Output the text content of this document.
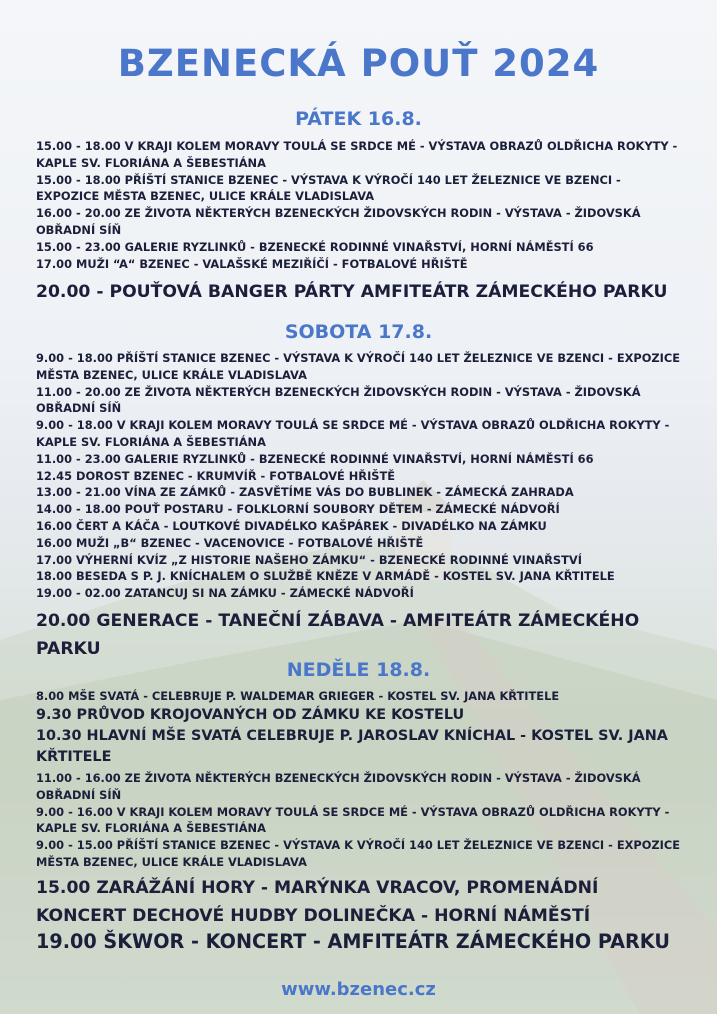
BZENECKÁ POUŤ 2024
PÁTEK 16.8.
15.00 - 18.00 V KRAJI KOLEM MORAVY TOULÁ SE SRDCE MÉ - VÝSTAVA OBRAZŮ OLDŘICHA ROKYTY - KAPLE SV. FLORIÁNA A ŠEBESTIÁNA
15.00 - 18.00 PŘÍŠTÍ STANICE BZENEC - VÝSTAVA K VÝROČÍ 140 LET ŽELEZNICE VE BZENCI - EXPOZICE MĚSTA BZENEC, ULICE KRÁLE VLADISLAVA
16.00 - 20.00 ZE ŽIVOTA NĚKTERÝCH BZENECKÝCH ŽIDOVSKÝCH RODIN - VÝSTAVA - ŽIDOVSKÁ OBŘADNÍ SÍŇ
15.00 - 23.00 GALERIE RYZLINKŮ - BZENECKÉ RODINNÉ VINAŘSTVÍ, HORNÍ NÁMĚSTÍ 66
17.00 MUŽI “A“ BZENEC - VALAŠSKÉ MEZIŘÍČÍ - FOTBALOVÉ HŘIŠTĚ
20.00 - POUŤOVÁ BANGER PÁRTY AMFITEÁTR ZÁMECKÉHO PARKU
SOBOTA 17.8.
9.00 - 18.00 PŘÍŠTÍ STANICE BZENEC - VÝSTAVA K VÝROČÍ 140 LET ŽELEZNICE VE BZENCI - EXPOZICE MĚSTA BZENEC, ULICE KRÁLE VLADISLAVA
11.00 - 20.00 ZE ŽIVOTA NĚKTERÝCH BZENECKÝCH ŽIDOVSKÝCH RODIN - VÝSTAVA - ŽIDOVSKÁ OBŘADNÍ SÍŇ
9.00 - 18.00 V KRAJI KOLEM MORAVY TOULÁ SE SRDCE MÉ - VÝSTAVA OBRAZŮ OLDŘICHA ROKYTY - KAPLE SV. FLORIÁNA A ŠEBESTIÁNA
11.00 - 23.00 GALERIE RYZLINKŮ - BZENECKÉ RODINNÉ VINAŘSTVÍ, HORNÍ NÁMĚSTÍ 66
12.45 DOROST BZENEC - KRUMVÍŘ - FOTBALOVÉ HŘIŠTĚ
13.00 - 21.00 VÍNA ZE ZÁMKŮ - ZASVĚTÍME VÁS DO BUBLINEK - ZÁMECKÁ ZAHRADA
14.00 - 18.00 POUŤ POSTARU - FOLKLORNÍ SOUBORY DĚTEM - ZÁMECKÉ NÁDVOŘÍ
16.00 ČERT A KÁČA - LOUTKOVÉ DIVADÉLKO KAŠPÁREK - DIVADÉLKO NA ZÁMKU
16.00 MUŽI „B“ BZENEC - VACENOVICE - FOTBALOVÉ HŘIŠTĚ
17.00 VÝHERNÍ KVÍZ „Z HISTORIE NAŠEHO ZÁMKU“ - BZENECKÉ RODINNÉ VINAŘSTVÍ
18.00 BESEDA S P. J. KNÍCHALEM O SLUŽBĚ KNĚZE V ARMÁDĚ - KOSTEL SV. JANA KŘTITELE
19.00 - 02.00 ZATANCUJ SI NA ZÁMKU - ZÁMECKÉ NÁDVOŘÍ
20.00 GENERACE - TANEČNÍ ZÁBAVA - AMFITEÁTR ZÁMECKÉHO PARKU
NEDĚLE 18.8.
8.00 MŠE SVATÁ - CELEBRUJE P. WALDEMAR GRIEGER - KOSTEL SV. JANA KŘTITELE
9.30 PRŮVOD KROJOVANÝCH OD ZÁMKU KE KOSTELU
10.30 HLAVNÍ MŠE SVATÁ CELEBRUJE P. JAROSLAV KNÍCHAL - KOSTEL SV. JANA KŘTITELE
11.00 - 16.00 ZE ŽIVOTA NĚKTERÝCH BZENECKÝCH ŽIDOVSKÝCH RODIN - VÝSTAVA - ŽIDOVSKÁ OBŘADNÍ SÍŇ
9.00 - 16.00 V KRAJI KOLEM MORAVY TOULÁ SE SRDCE MÉ - VÝSTAVA OBRAZŮ OLDŘICHA ROKYTY - KAPLE SV. FLORIÁNA A ŠEBESTIÁNA
9.00 - 15.00 PŘÍŠTÍ STANICE BZENEC - VÝSTAVA K VÝROČÍ 140 LET ŽELEZNICE VE BZENCI - EXPOZICE MĚSTA BZENEC, ULICE KRÁLE VLADISLAVA
15.00 ZARÁŽÁNÍ HORY - MARÝNKA VRACOV, PROMENÁDNÍ KONCERT DECHOVÉ HUDBY DOLINEČKA - HORNÍ NÁMĚSTÍ
19.00 ŠKWOR - KONCERT - AMFITEÁTR ZÁMECKÉHO PARKU
www.bzenec.cz
